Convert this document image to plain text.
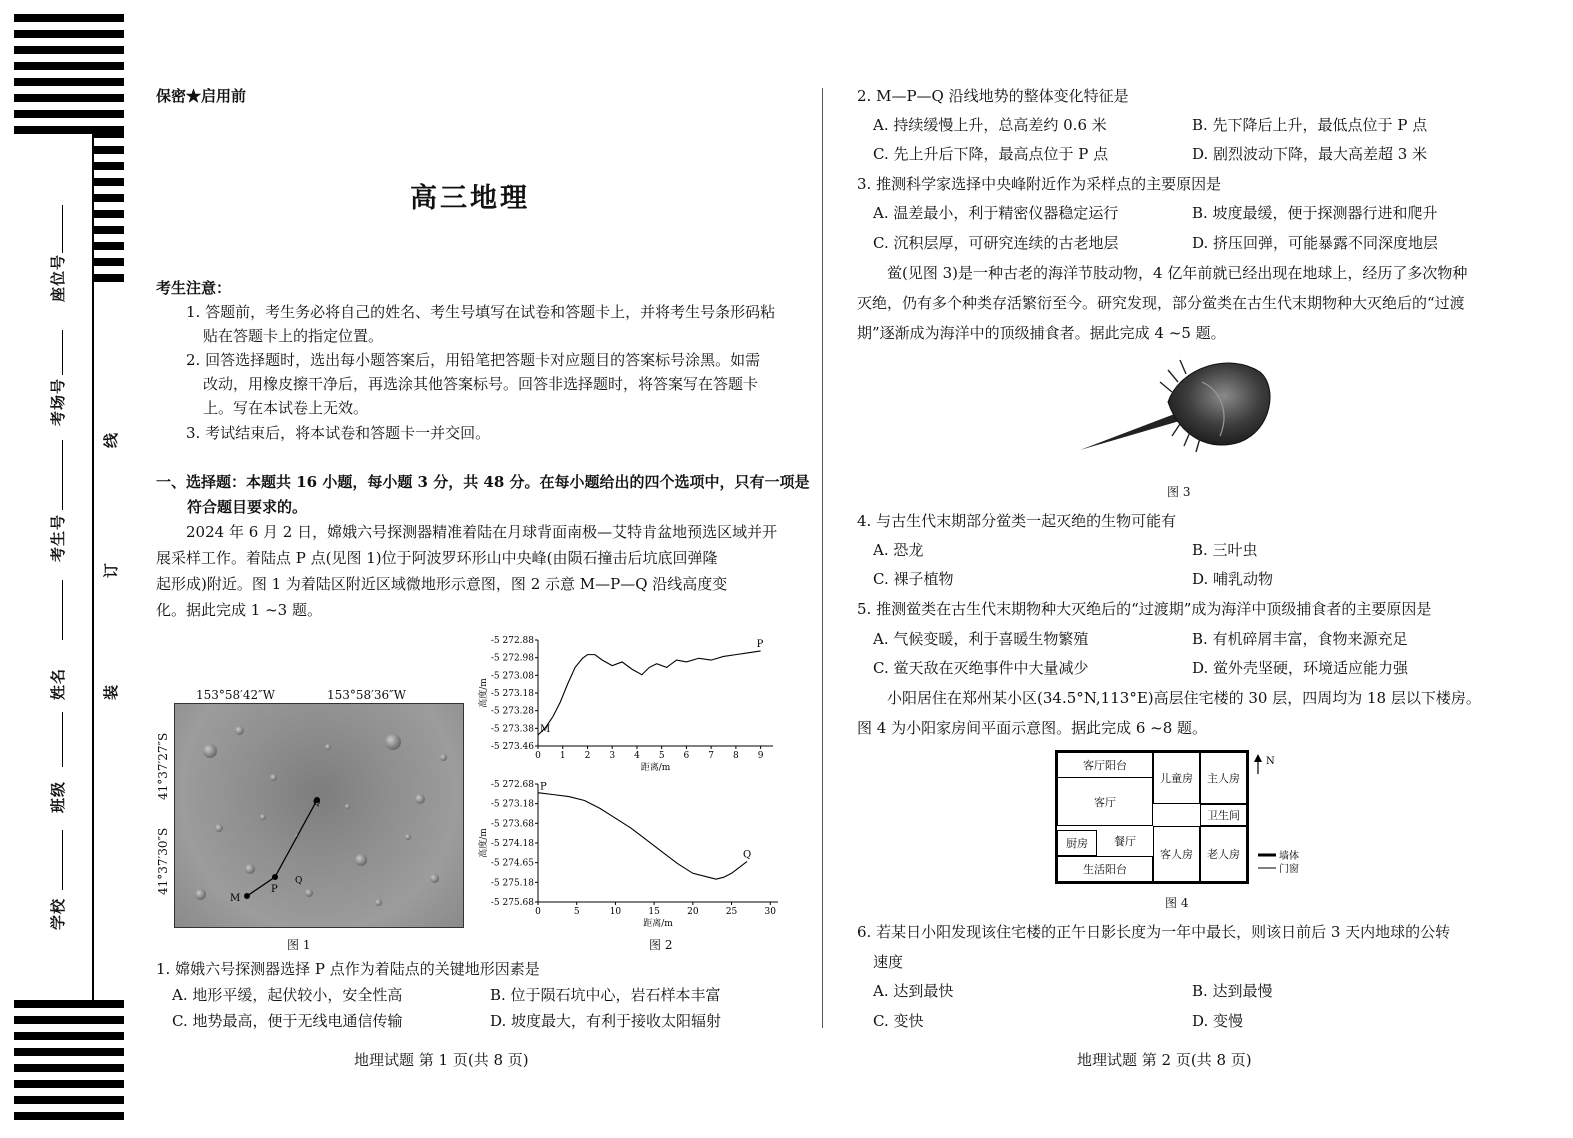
座位号
考场号
考生号
姓名
班级
学校
线
订
装
保密★启用前
高三地理
考生注意：
1. 答题前，考生务必将自己的姓名、考生号填写在试卷和答题卡上，并将考生号条形码粘
贴在答题卡上的指定位置。
2. 回答选择题时，选出每小题答案后，用铅笔把答题卡对应题目的答案标号涂黑。如需
改动，用橡皮擦干净后，再选涂其他答案标号。回答非选择题时，将答案写在答题卡
上。写在本试卷上无效。
3. 考试结束后，将本试卷和答题卡一并交回。
一、选择题：本题共 16 小题，每小题 3 分，共 48 分。在每小题给出的四个选项中，只有一项是
符合题目要求的。
2024 年 6 月 2 日，嫦娥六号探测器精准着陆在月球背面南极—艾特肯盆地预选区域并开
展采样工作。着陆点 P 点(见图 1)位于阿波罗环形山中央峰(由陨石撞击后坑底回弹隆
起形成)附近。图 1 为着陆区附近区域微地形示意图，图 2 示意 M—P—Q 沿线高度变
化。据此完成 1 ~3 题。
153°58′42″W	153°58′36″W
41°37′27″S
41°37′30″S
M
P
Q
Q
图 1
-5 272.88
-5 272.98
-5 273.08
-5 273.18
-5 273.28
-5 273.38
-5 273.46
0 1 2 3 4 5 6 7 8 9
距离/m
高度/m
M
P
-5 272.68
-5 273.18
-5 273.68
-5 274.18
-5 274.65
-5 275.18
-5 275.68
0	5	10	15	20	25	30
距离/m
高度/m
P
Q
图 2
1. 嫦娥六号探测器选择 P 点作为着陆点的关键地形因素是
A. 地形平缓，起伏较小，安全性高	B. 位于陨石坑中心，岩石样本丰富
C. 地势最高，便于无线电通信传输	D. 坡度最大，有利于接收太阳辐射
地理试题 第 1 页(共 8 页)
2. M—P—Q 沿线地势的整体变化特征是
A. 持续缓慢上升，总高差约 0.6 米	B. 先下降后上升，最低点位于 P 点
C. 先上升后下降，最高点位于 P 点	D. 剧烈波动下降，最大高差超 3 米
3. 推测科学家选择中央峰附近作为采样点的主要原因是
A. 温差最小，利于精密仪器稳定运行	B. 坡度最缓，便于探测器行进和爬升
C. 沉积层厚，可研究连续的古老地层	D. 挤压回弹，可能暴露不同深度地层
鲎(见图 3)是一种古老的海洋节肢动物，4 亿年前就已经出现在地球上，经历了多次物种
灭绝，仍有多个种类存活繁衍至今。研究发现，部分鲎类在古生代末期物种大灭绝后的“过渡
期”逐渐成为海洋中的顶级捕食者。据此完成 4 ~5 题。
图 3
4. 与古生代末期部分鲎类一起灭绝的生物可能有
A. 恐龙	B. 三叶虫
C. 裸子植物	D. 哺乳动物
5. 推测鲎类在古生代末期物种大灭绝后的“过渡期”成为海洋中顶级捕食者的主要原因是
A. 气候变暖，利于喜暖生物繁殖	B. 有机碎屑丰富，食物来源充足
C. 鲎天敌在灭绝事件中大量减少	D. 鲎外壳坚硬，环境适应能力强
小阳居住在郑州某小区(34.5°N,113°E)高层住宅楼的 30 层，四周均为 18 层以下楼房。
图 4 为小阳家房间平面示意图。据此完成 6 ~8 题。
客厅阳台
儿童房	主人房
客厅
卫生间
厨房	餐厅
客人房	老人房
生活阳台
N
墙体
门窗
图 4
6. 若某日小阳发现该住宅楼的正午日影长度为一年中最长，则该日前后 3 天内地球的公转
速度
A. 达到最快	B. 达到最慢
C. 变快	D. 变慢
地理试题 第 2 页(共 8 页)
